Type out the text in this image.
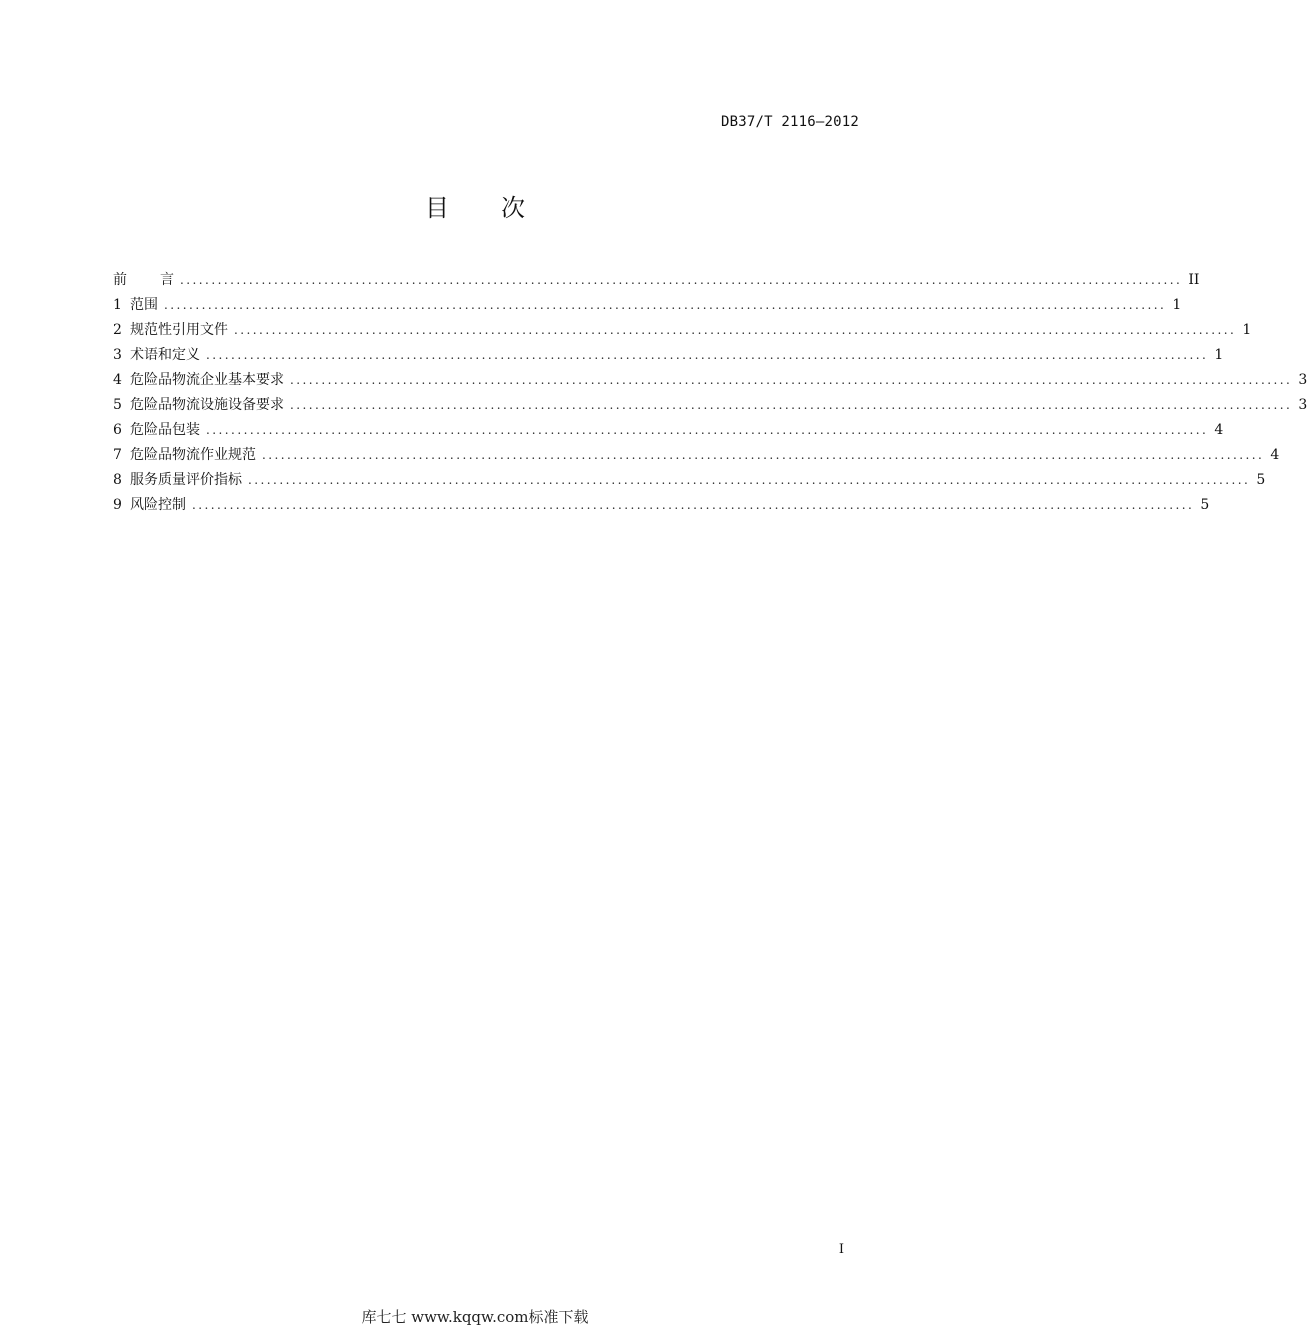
DB37/T 2116—2012
目 次
前 言 ................................................................................................................................................................ II
1 范围 ................................................................................................................................................................ 1
2 规范性引用文件 ................................................................................................................................................................ 1
3 术语和定义 ................................................................................................................................................................ 1
4 危险品物流企业基本要求 ................................................................................................................................................................ 3
5 危险品物流设施设备要求 ................................................................................................................................................................ 3
6 危险品包装 ................................................................................................................................................................ 4
7 危险品物流作业规范 ................................................................................................................................................................ 4
8 服务质量评价指标 ................................................................................................................................................................ 5
9 风险控制 ................................................................................................................................................................ 5
I
库七七 www.kqqw.com标准下载
